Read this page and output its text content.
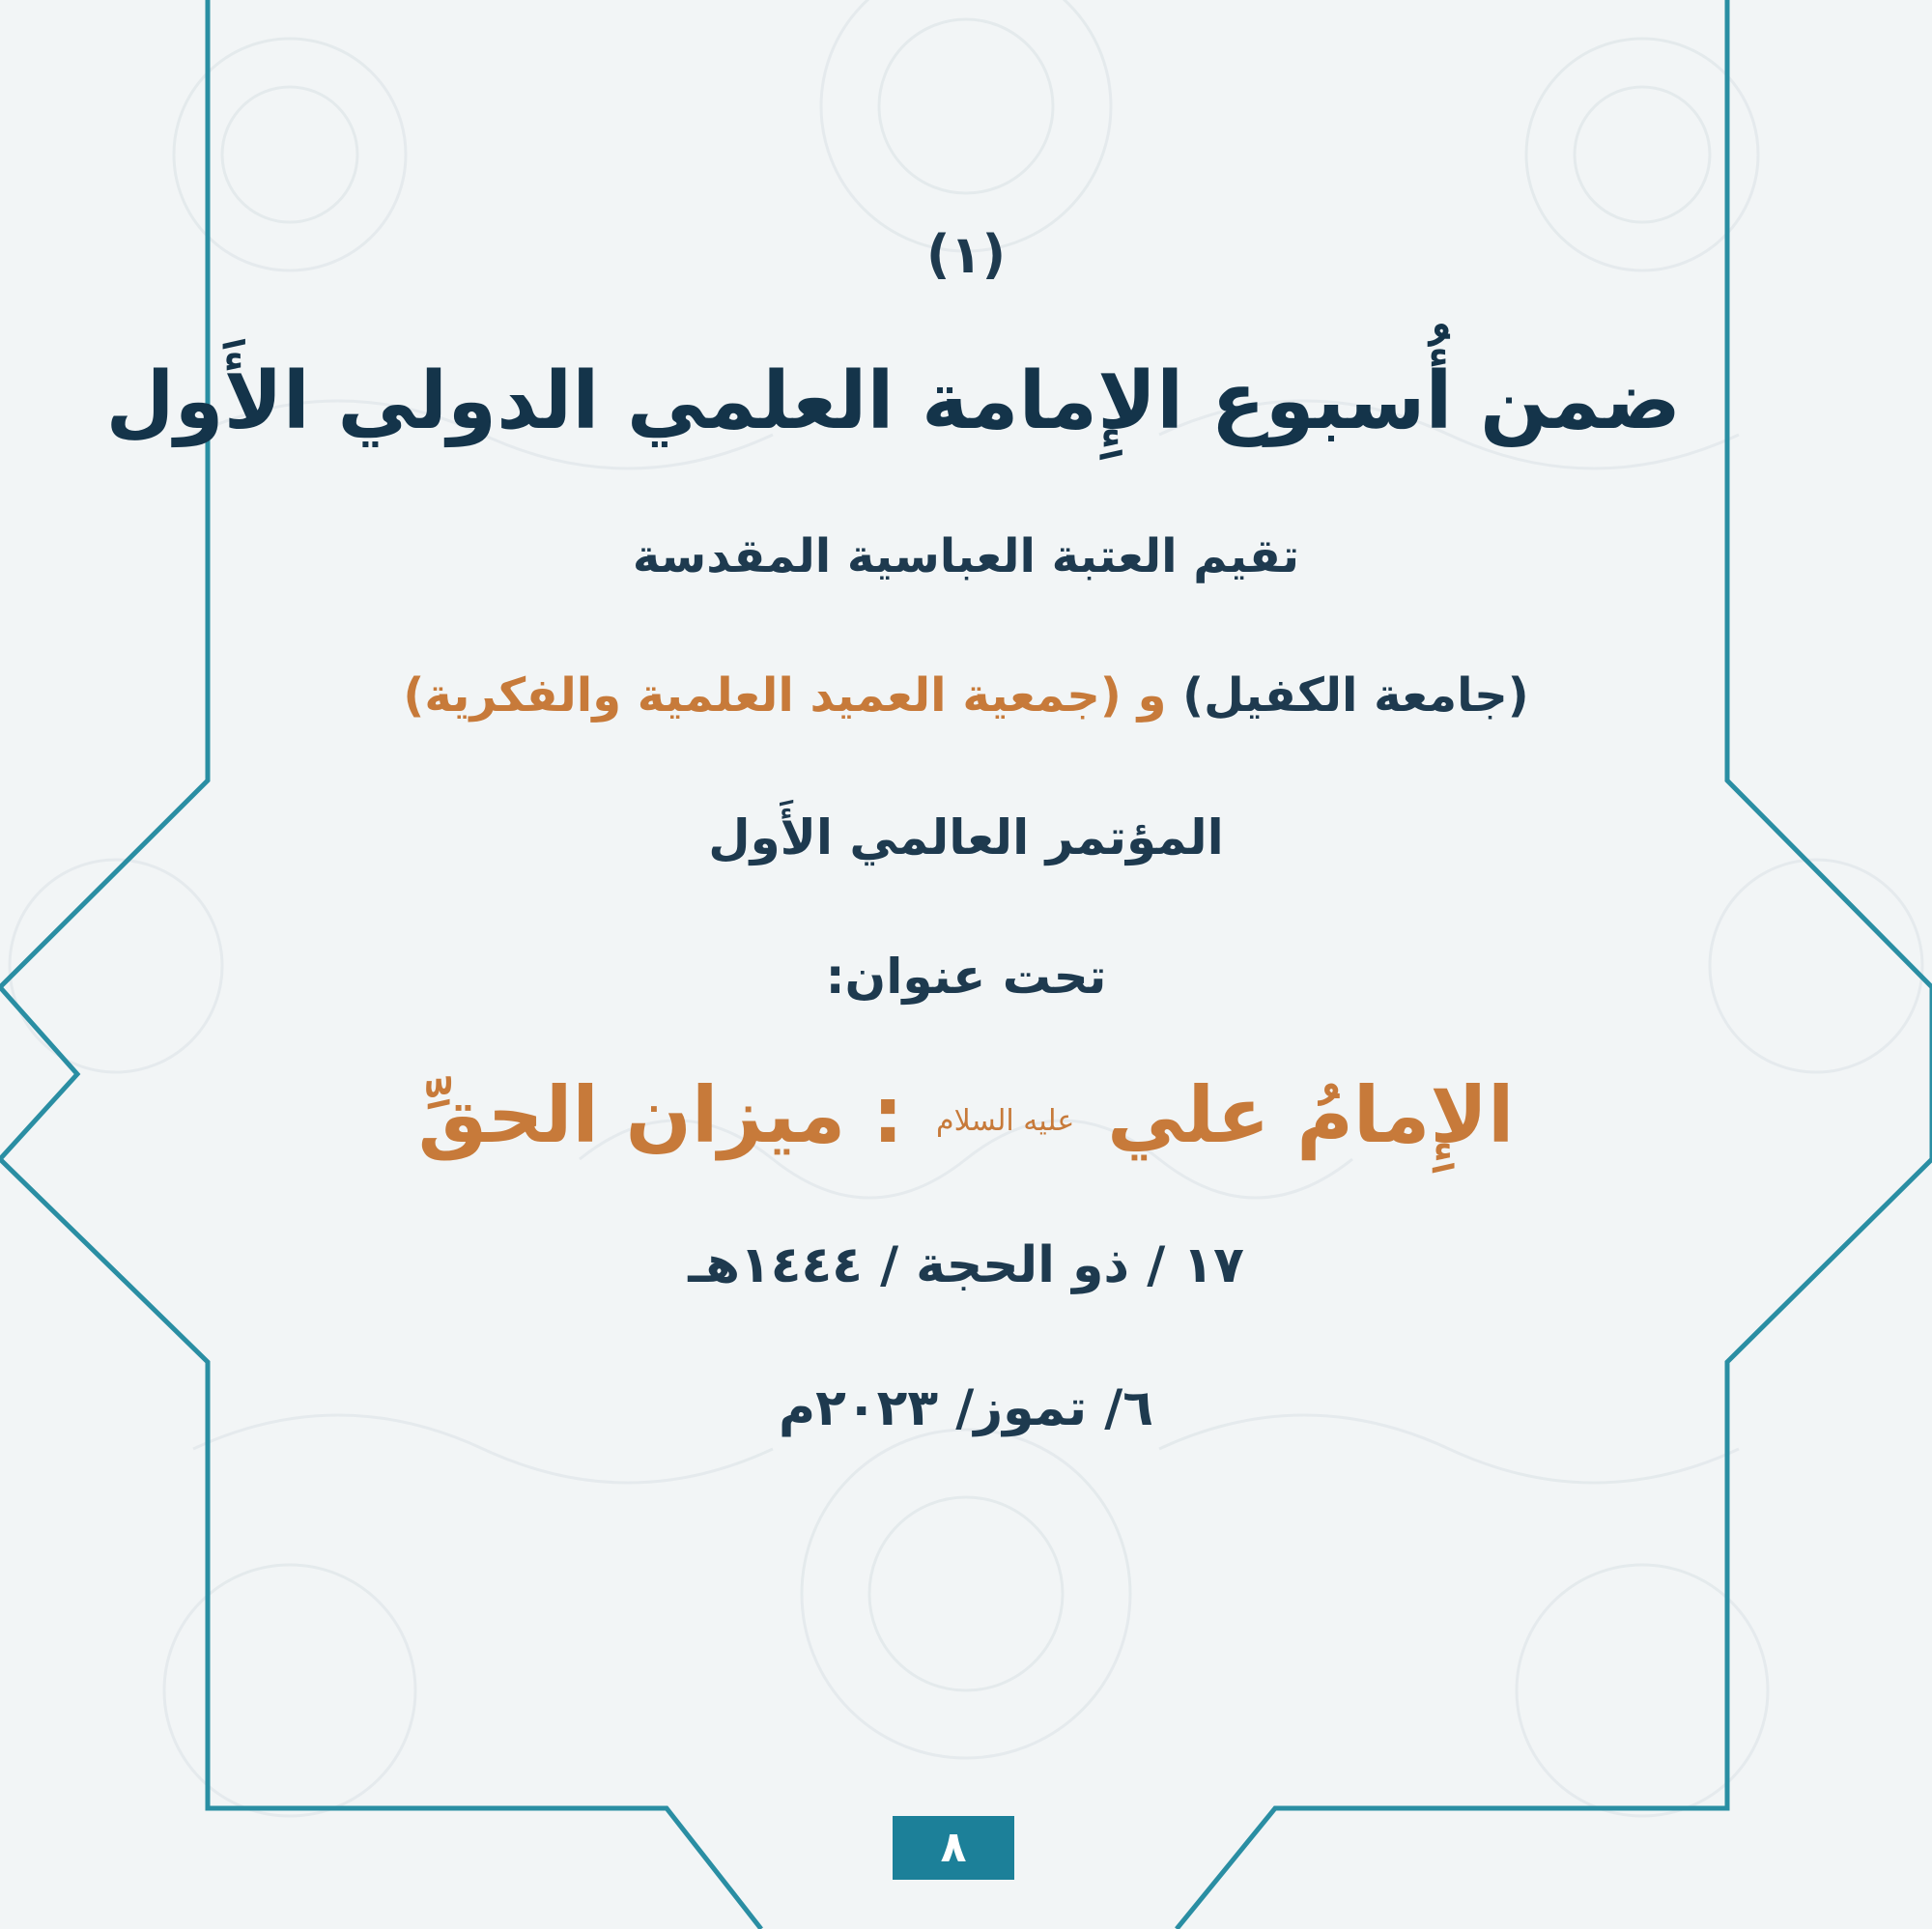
(١)
ضمن أُسبوع الإِمامة العلمي الدولي الأَول
تقيم العتبة العباسية المقدسة
(جامعة الكفيل) و (جمعية العميد العلمية والفكرية)
المؤتمر العالمي الأَول
تحت عنوان:
الإِمامُ علي عليه السلام : ميزان الحقِّ
١٧ / ذو الحجة / ١٤٤٤هـ
٦/ تموز/ ٢٠٢٣م
٨
